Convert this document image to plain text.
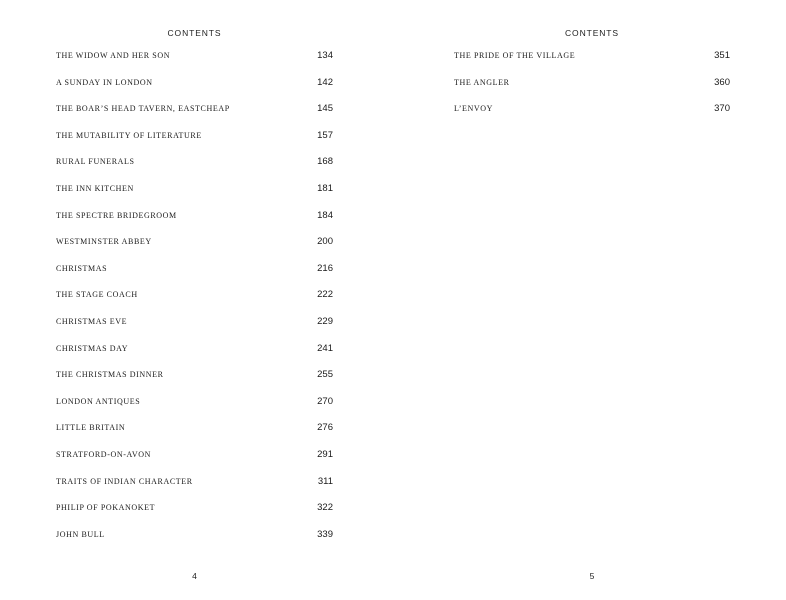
CONTENTS
THE WIDOW AND HER SON	134
A SUNDAY IN LONDON	142
THE BOAR’S HEAD TAVERN, EASTCHEAP	145
THE MUTABILITY OF LITERATURE	157
RURAL FUNERALS	168
THE INN KITCHEN	181
THE SPECTRE BRIDEGROOM	184
WESTMINSTER ABBEY	200
CHRISTMAS	216
THE STAGE COACH	222
CHRISTMAS EVE	229
CHRISTMAS DAY	241
THE CHRISTMAS DINNER	255
LONDON ANTIQUES	270
LITTLE BRITAIN	276
STRATFORD-ON-AVON	291
TRAITS OF INDIAN CHARACTER	311
PHILIP OF POKANOKET	322
JOHN BULL	339
4
CONTENTS
THE PRIDE OF THE VILLAGE	351
THE ANGLER	360
L’ENVOY	370
5
